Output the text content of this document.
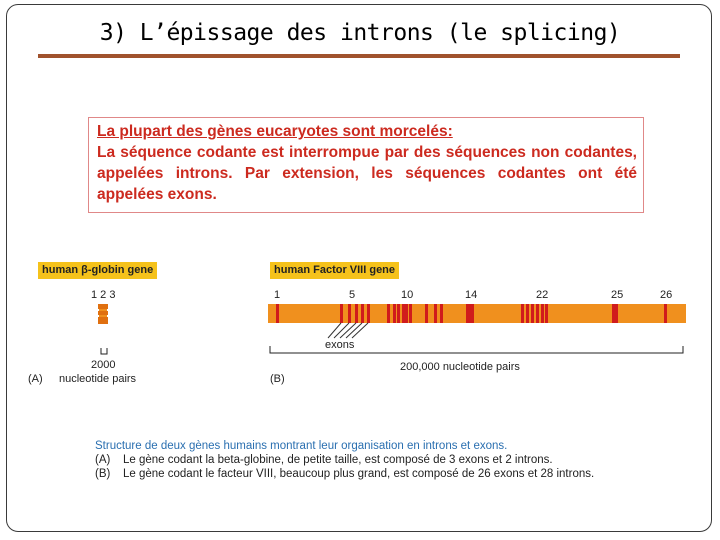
3) L’épissage des introns (le splicing)
La plupart des gènes eucaryotes sont morcelés:
La séquence codante est interrompue par des séquences non codantes, appelées introns. Par extension, les séquences codantes ont été appelées exons.
human β-globin gene
1 2 3
2000
nucleotide pairs
(A)
human Factor VIII gene
1	5	10	14	22	25	26
exons
200,000 nucleotide pairs
(B)
Structure de deux gènes humains montrant leur organisation en introns et exons.
(A)	Le gène codant la beta-globine, de petite taille, est composé de 3 exons et 2 introns.
(B)	Le gène codant le facteur VIII, beaucoup plus grand, est composé de 26 exons et 28 introns.
